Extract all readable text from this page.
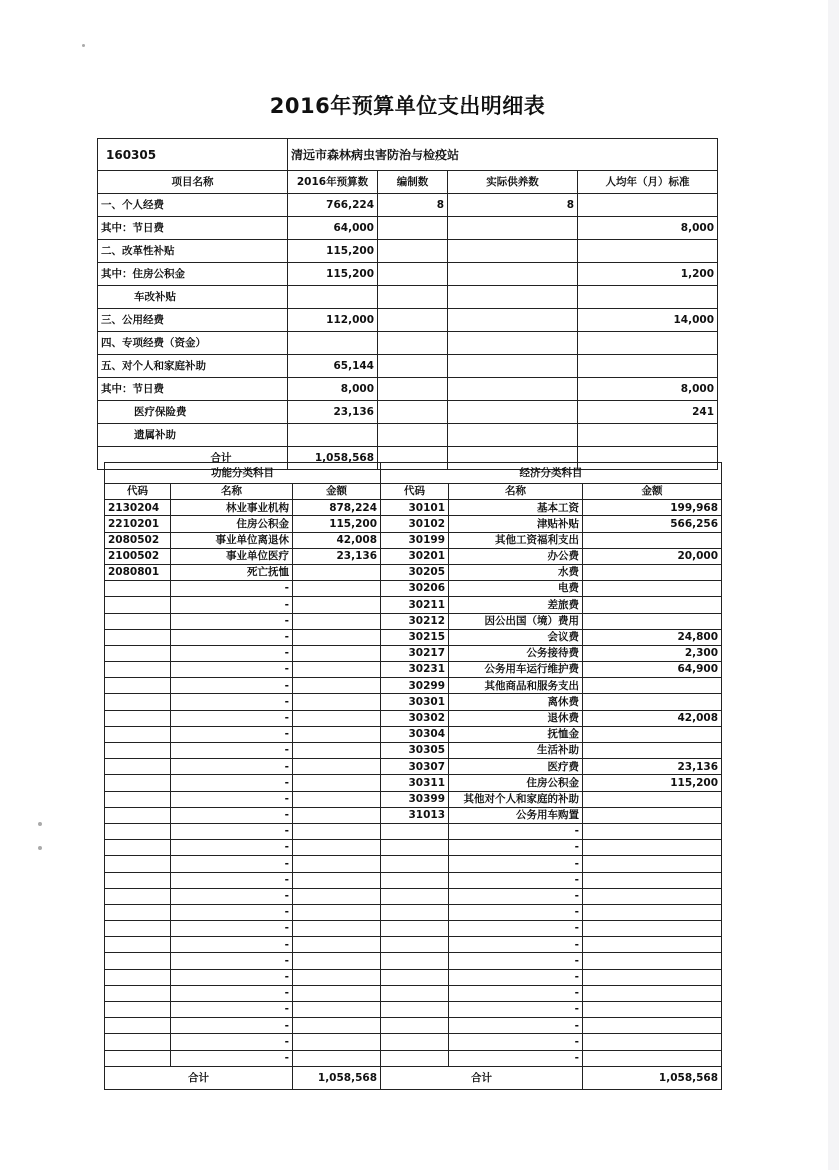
2016年预算单位支出明细表
160305	清远市森林病虫害防治与检疫站			
项目名称	2016年预算数	编制数	实际供养数	人均年（月）标准
一、个人经费	766,224	8	8	
其中：节日费	64,000			8,000
二、改革性补贴	115,200			
其中：住房公积金	115,200			1,200
车改补贴				
三、公用经费	112,000			14,000
四、专项经费（资金）				
五、对个人和家庭补助	65,144			
其中：节日费	8,000			8,000
医疗保险费	23,136			241
遗属补助				
合计	1,058,568			
功能分类科目			经济分类科目		
代码	名称	金额	代码	名称	金额
2130204	林业事业机构	878,224	30101	基本工资	199,968
2210201	住房公积金	115,200	30102	津贴补贴	566,256
2080502	事业单位离退休	42,008	30199	其他工资福利支出	
2100502	事业单位医疗	23,136	30201	办公费	20,000
2080801	死亡抚恤		30205	水费	
	-		30206	电费	
	-		30211	差旅费	
	-		30212	因公出国（境）费用	
	-		30215	会议费	24,800
	-		30217	公务接待费	2,300
	-		30231	公务用车运行维护费	64,900
	-		30299	其他商品和服务支出	
	-		30301	离休费	
	-		30302	退休费	42,008
	-		30304	抚恤金	
	-		30305	生活补助	
	-		30307	医疗费	23,136
	-		30311	住房公积金	115,200
	-		30399	其他对个人和家庭的补助	
	-		31013	公务用车购置	
	-			-	
	-			-	
	-			-	
	-			-	
	-			-	
	-			-	
	-			-	
	-			-	
	-			-	
	-			-	
	-			-	
	-			-	
	-			-	
	-			-	
	-			-	
合计		1,058,568	合计		1,058,568
